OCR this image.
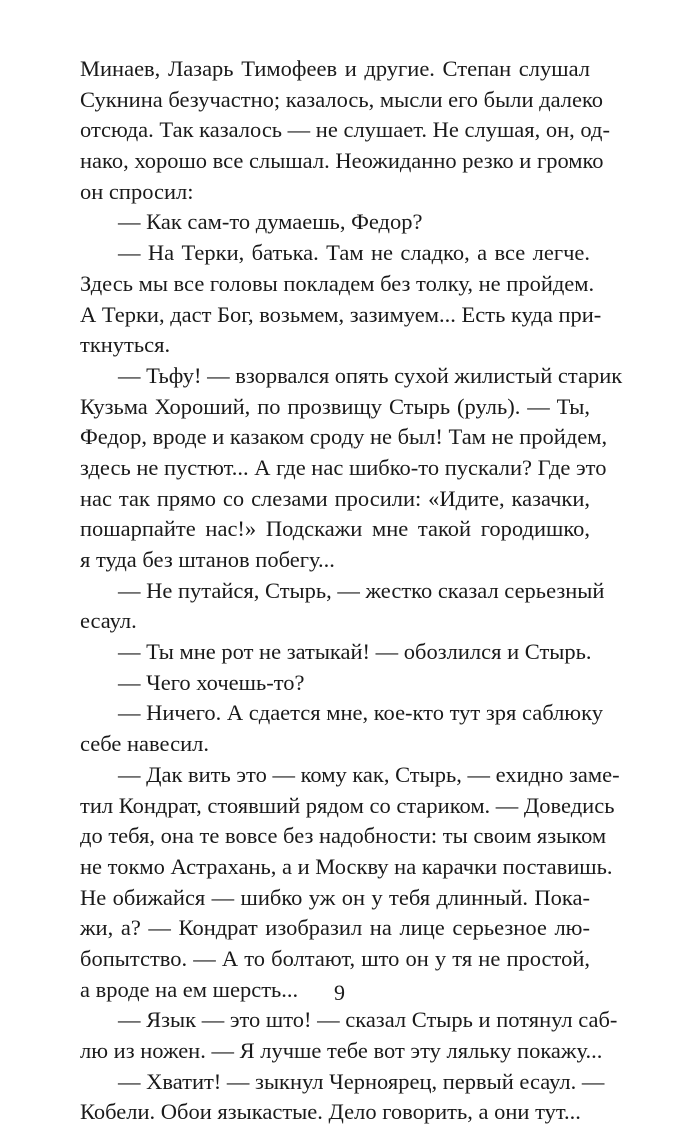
Минаев, Лазарь Тимофеев и другие. Степан слушал
Сукнина безучастно; казалось, мысли его были далеко
отсюда. Так казалось — не слушает. Не слушая, он, од-
нако, хорошо все слышал. Неожиданно резко и громко
он спросил:
— Как сам-то думаешь, Федор?
— На Терки, батька. Там не сладко, а все легче.
Здесь мы все головы покладем без толку, не пройдем.
А Терки, даст Бог, возьмем, зазимуем... Есть куда при-
ткнуться.
— Тьфу! — взорвался опять сухой жилистый старик
Кузьма Хороший, по прозвищу Стырь (руль). — Ты,
Федор, вроде и казаком сроду не был! Там не пройдем,
здесь не пустют... А где нас шибко-то пускали? Где это
нас так прямо со слезами просили: «Идите, казачки,
пошарпайте нас!» Подскажи мне такой городишко,
я туда без штанов побегу...
— Не путайся, Стырь, — жестко сказал серьезный
есаул.
— Ты мне рот не затыкай! — обозлился и Стырь.
— Чего хочешь-то?
— Ничего. А сдается мне, кое-кто тут зря саблюку
себе навесил.
— Дак вить это — кому как, Стырь, — ехидно заме-
тил Кондрат, стоявший рядом со стариком. — Доведись
до тебя, она те вовсе без надобности: ты своим языком
не токмо Астрахань, а и Москву на карачки поставишь.
Не обижайся — шибко уж он у тебя длинный. Пока-
жи, а? — Кондрат изобразил на лице серьезное лю-
бопытство. — А то болтают, што он у тя не простой,
а вроде на ем шерсть...
— Язык — это што! — сказал Стырь и потянул саб-
лю из ножен. — Я лучше тебе вот эту ляльку покажу...
— Хватит! — зыкнул Черноярец, первый есаул. —
Кобели. Обои языкастые. Дело говорить, а они тут...
9
